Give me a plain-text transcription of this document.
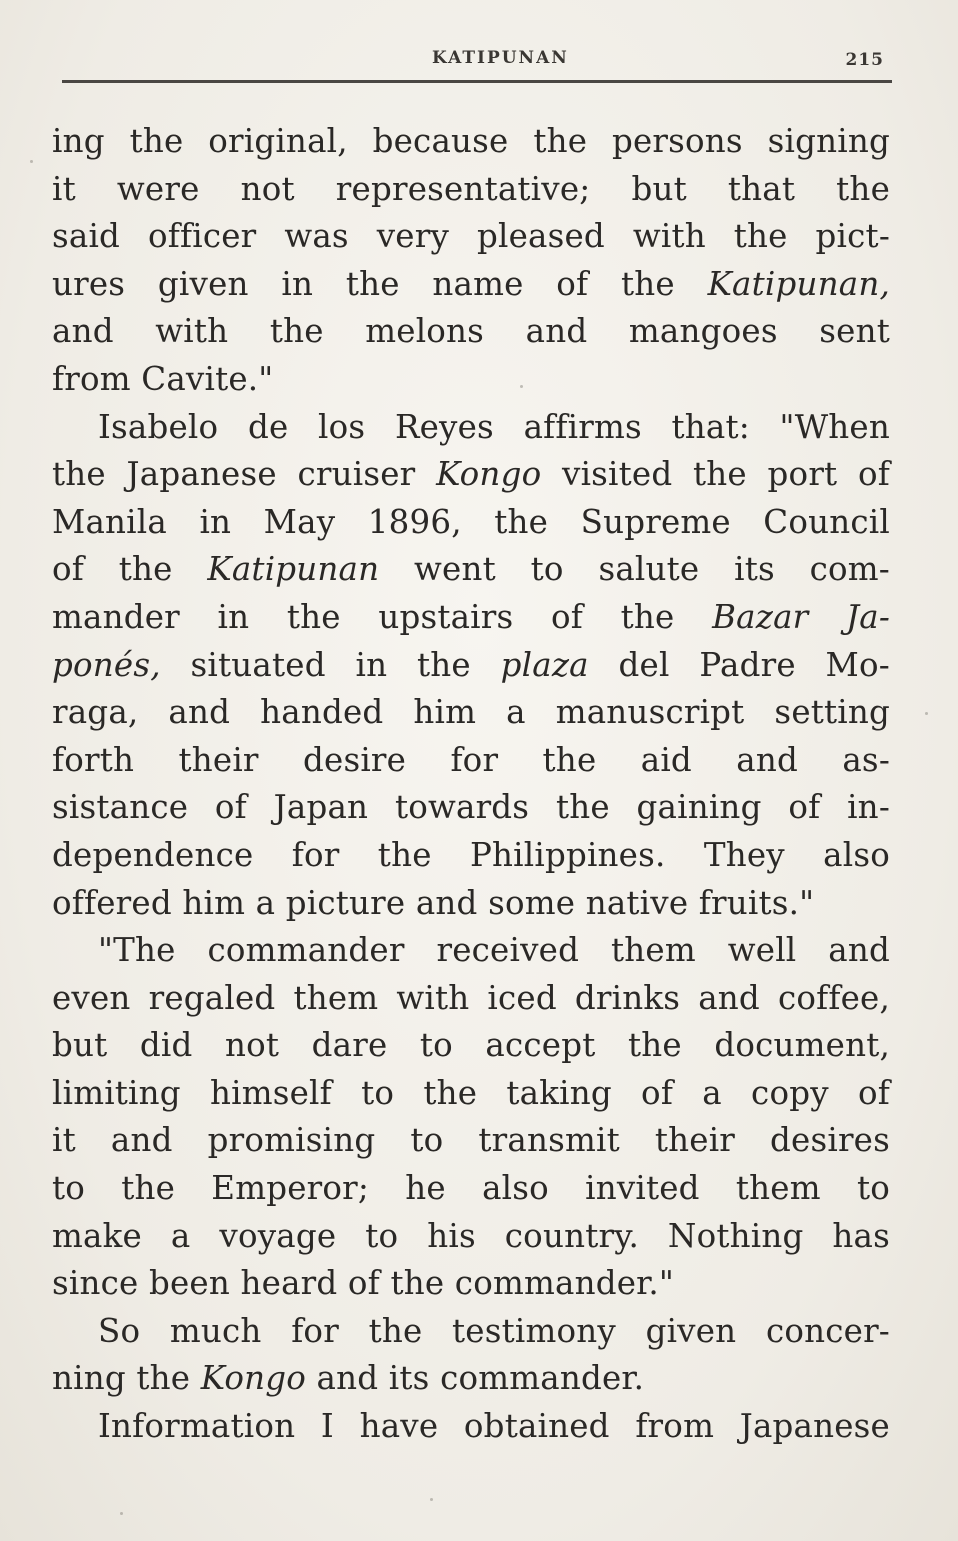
KATIPUNAN	215

ing the original, because the persons signing
it were not representative; but that the
said officer was very pleased with the pict-
ures given in the name of the Katipunan,
and with the melons and mangoes sent
from Cavite."

Isabelo de los Reyes affirms that: "When
the Japanese cruiser Kongo visited the port of
Manila in May 1896, the Supreme Council
of the Katipunan went to salute its com-
mander in the upstairs of the Bazar Ja-
ponés, situated in the plaza del Padre Mo-
raga, and handed him a manuscript setting
forth their desire for the aid and as-
sistance of Japan towards the gaining of in-
dependence for the Philippines. They also
offered him a picture and some native fruits."

"The commander received them well and
even regaled them with iced drinks and coffee,
but did not dare to accept the document,
limiting himself to the taking of a copy of
it and promising to transmit their desires
to the Emperor; he also invited them to
make a voyage to his country. Nothing has
since been heard of the commander."

So much for the testimony given concer-
ning the Kongo and its commander.

Information I have obtained from Japanese
